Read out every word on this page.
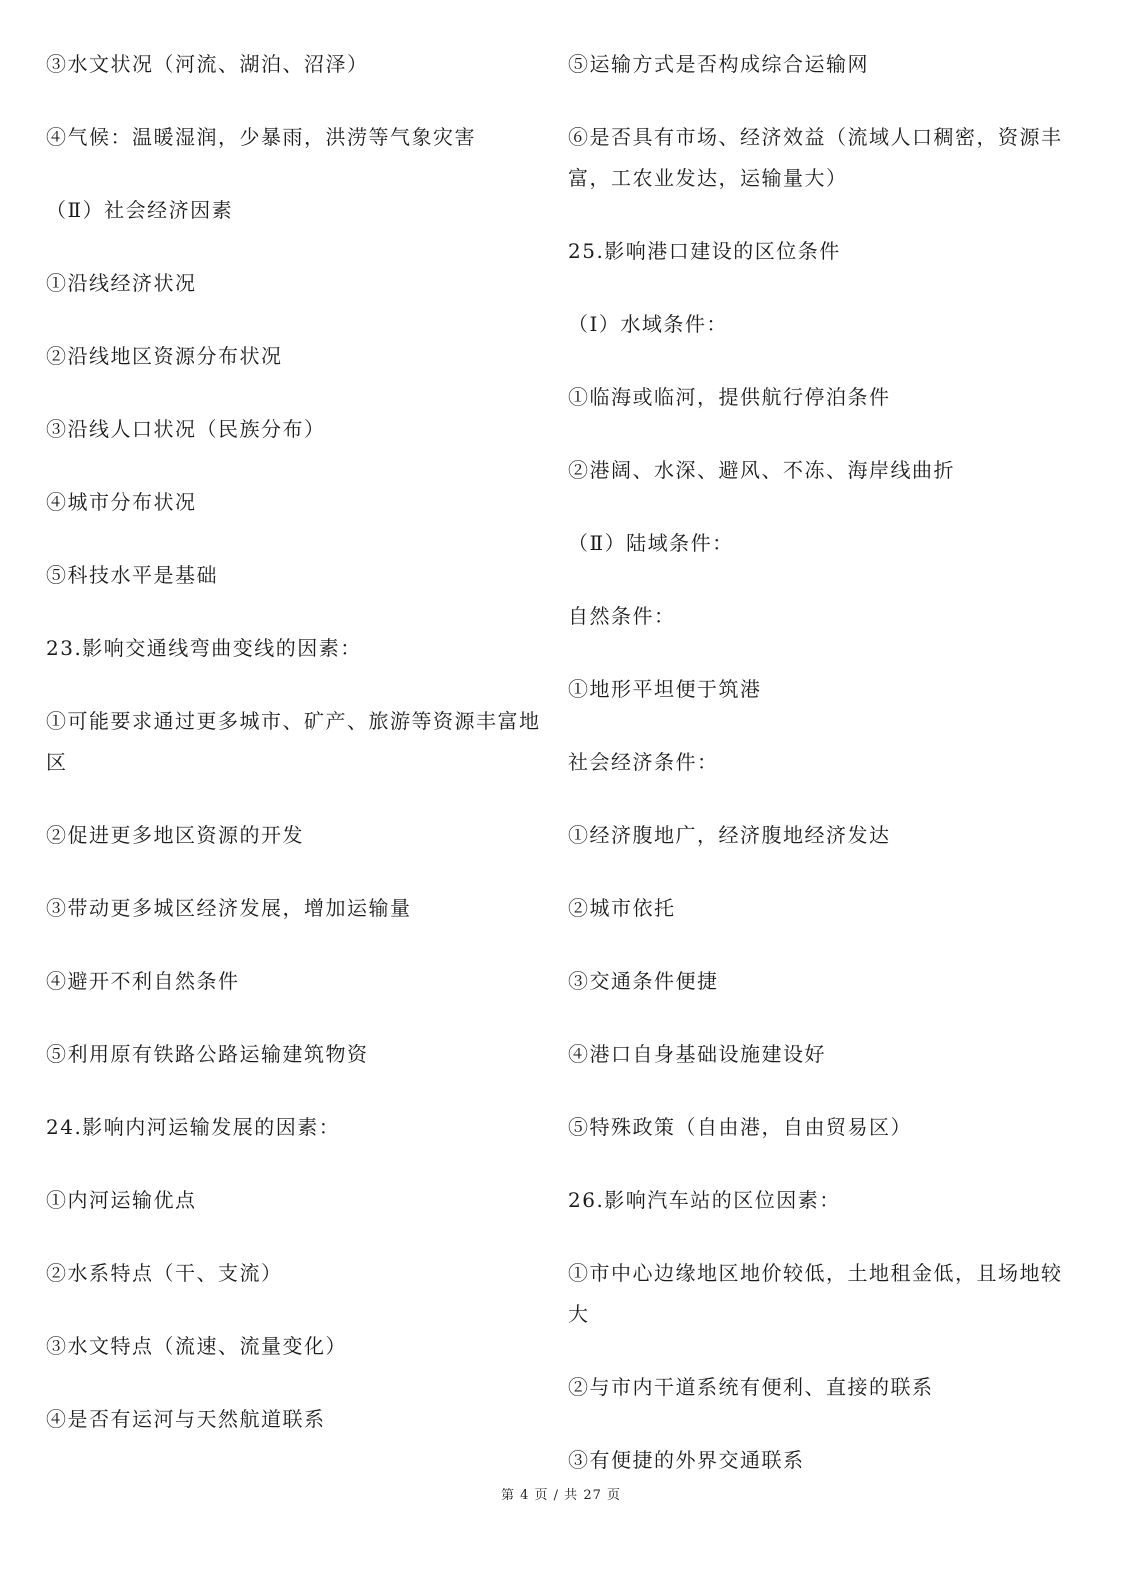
③水文状况（河流、湖泊、沼泽）

④气候：温暖湿润，少暴雨，洪涝等气象灾害

（Ⅱ）社会经济因素

①沿线经济状况

②沿线地区资源分布状况

③沿线人口状况（民族分布）

④城市分布状况

⑤科技水平是基础

23.影响交通线弯曲变线的因素：

①可能要求通过更多城市、矿产、旅游等资源丰富地区

②促进更多地区资源的开发

③带动更多城区经济发展，增加运输量

④避开不利自然条件

⑤利用原有铁路公路运输建筑物资

24.影响内河运输发展的因素：

①内河运输优点

②水系特点（干、支流）

③水文特点（流速、流量变化）

④是否有运河与天然航道联系

⑤运输方式是否构成综合运输网

⑥是否具有市场、经济效益（流域人口稠密，资源丰富，工农业发达，运输量大）

25.影响港口建设的区位条件

（Ⅰ）水域条件：

①临海或临河，提供航行停泊条件

②港阔、水深、避风、不冻、海岸线曲折

（Ⅱ）陆域条件：

自然条件：

①地形平坦便于筑港

社会经济条件：

①经济腹地广，经济腹地经济发达

②城市依托

③交通条件便捷

④港口自身基础设施建设好

⑤特殊政策（自由港，自由贸易区）

26.影响汽车站的区位因素：

①市中心边缘地区地价较低，土地租金低，且场地较大

②与市内干道系统有便利、直接的联系

③有便捷的外界交通联系

第 4 页 / 共 27 页
